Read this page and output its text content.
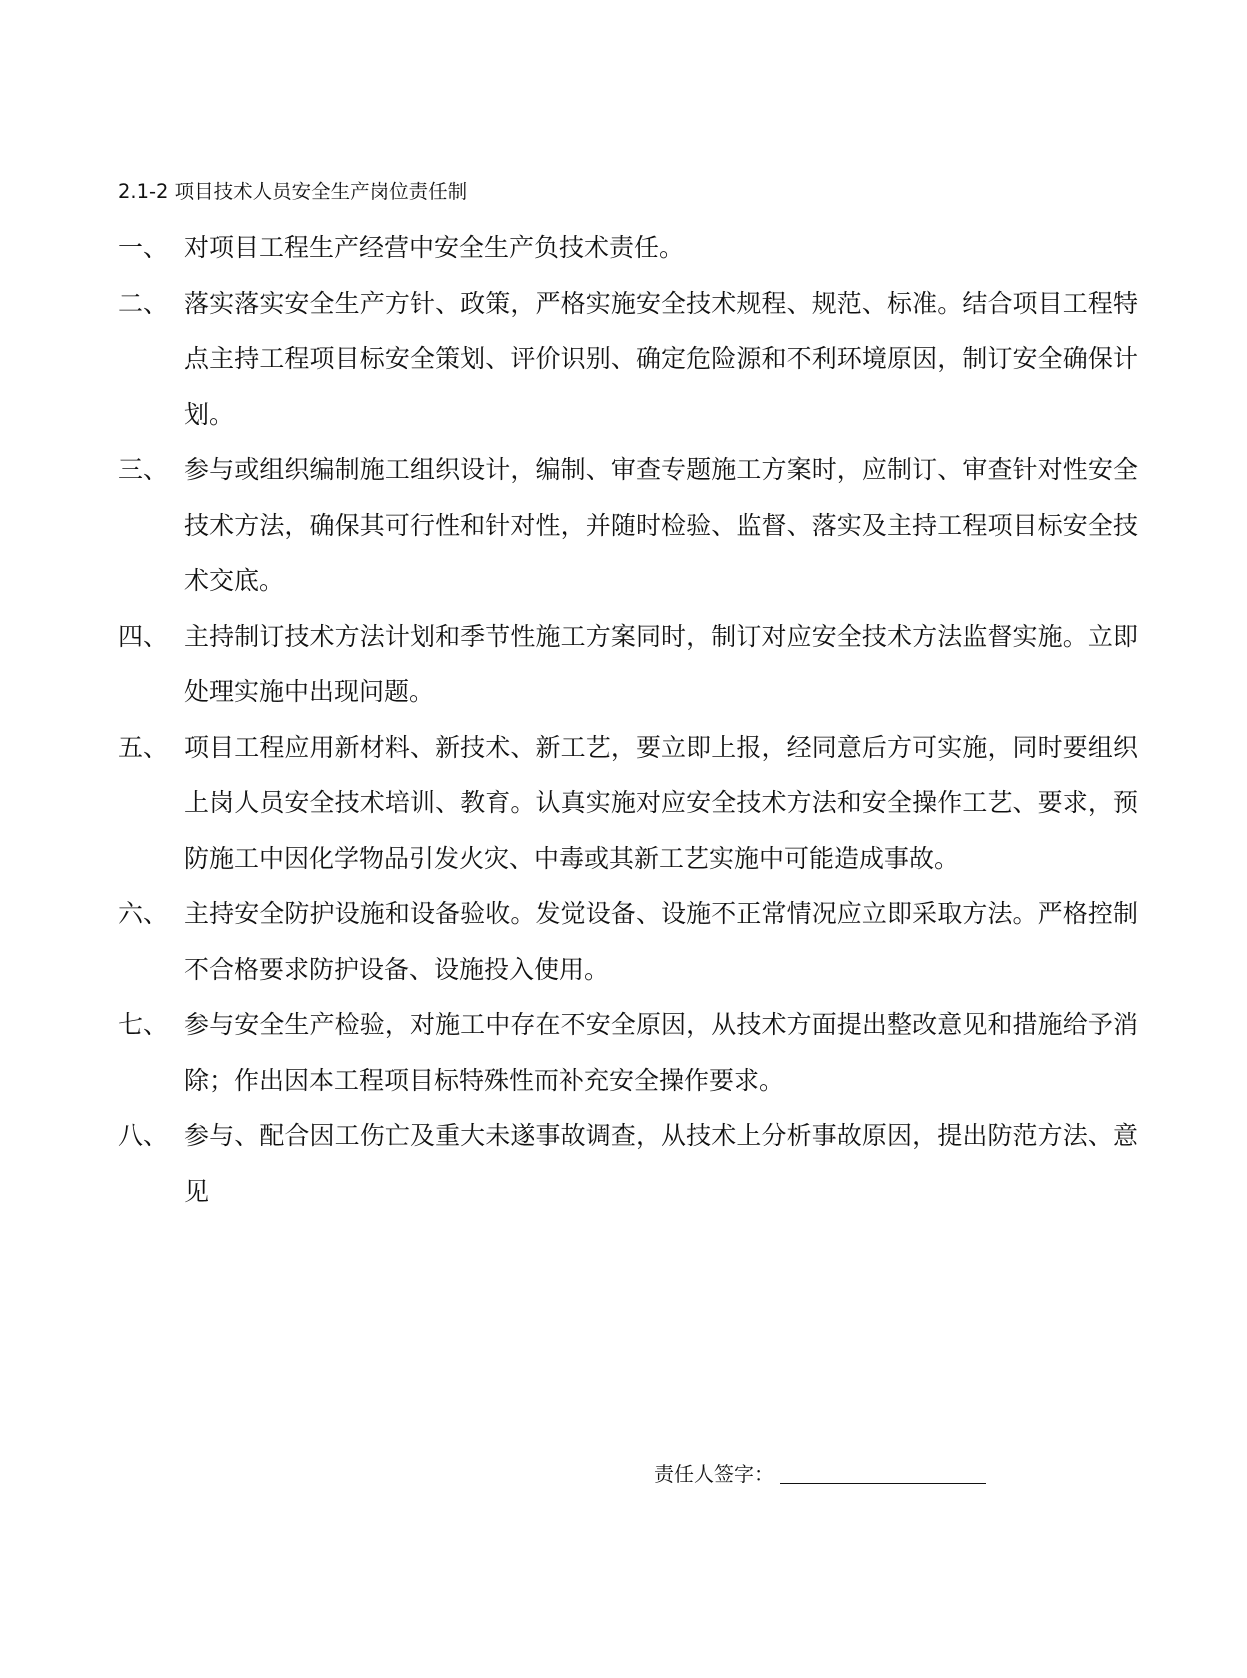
2.1-2 项目技术人员安全生产岗位责任制
一、 对项目工程生产经营中安全生产负技术责任。
二、 落实落实安全生产方针、政策，严格实施安全技术规程、规范、标准。结合项目工程特点主持工程项目标安全策划、评价识别、确定危险源和不利环境原因，制订安全确保计划。
三、 参与或组织编制施工组织设计，编制、审查专题施工方案时，应制订、审查针对性安全技术方法，确保其可行性和针对性，并随时检验、监督、落实及主持工程项目标安全技术交底。
四、 主持制订技术方法计划和季节性施工方案同时，制订对应安全技术方法监督实施。立即处理实施中出现问题。
五、 项目工程应用新材料、新技术、新工艺，要立即上报，经同意后方可实施，同时要组织上岗人员安全技术培训、教育。认真实施对应安全技术方法和安全操作工艺、要求，预防施工中因化学物品引发火灾、中毒或其新工艺实施中可能造成事故。
六、 主持安全防护设施和设备验收。发觉设备、设施不正常情况应立即采取方法。严格控制不合格要求防护设备、设施投入使用。
七、 参与安全生产检验，对施工中存在不安全原因，从技术方面提出整改意见和措施给予消除；作出因本工程项目标特殊性而补充安全操作要求。
八、 参与、配合因工伤亡及重大未遂事故调查，从技术上分析事故原因，提出防范方法、意见
责任人签字：
